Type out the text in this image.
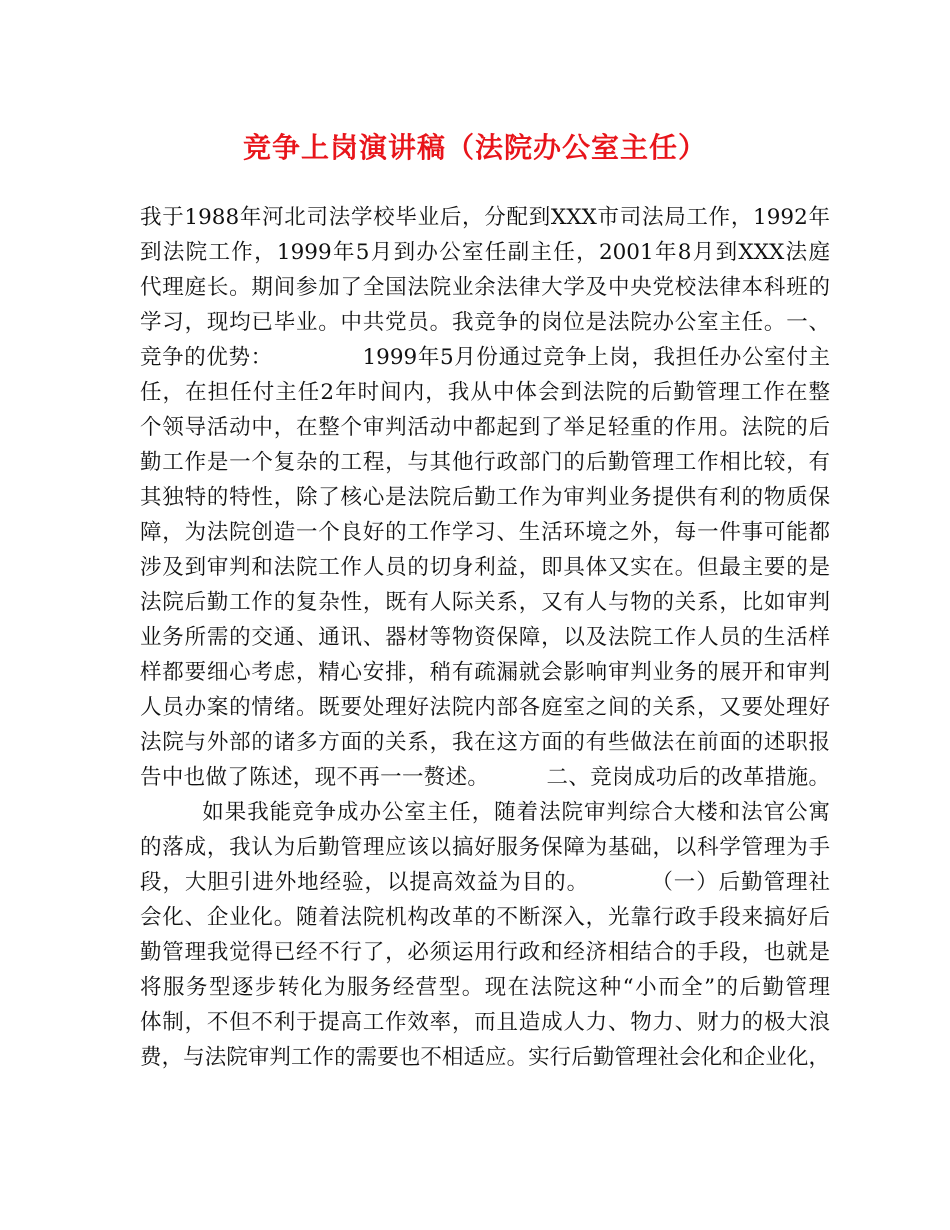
竞争上岗演讲稿（法院办公室主任）
我于1988年河北司法学校毕业后，分配到XXX市司法局工作，1992年
到法院工作，1999年5月到办公室任副主任，2001年8月到XXX法庭
代理庭长。期间参加了全国法院业余法律大学及中央党校法律本科班的
学习，现均已毕业。中共党员。我竞争的岗位是法院办公室主任。一、
竞争的优势：            1999年5月份通过竞争上岗，我担任办公室付主
任，在担任付主任2年时间内，我从中体会到法院的后勤管理工作在整
个领导活动中，在整个审判活动中都起到了举足轻重的作用。法院的后
勤工作是一个复杂的工程，与其他行政部门的后勤管理工作相比较，有
其独特的特性，除了核心是法院后勤工作为审判业务提供有利的物质保
障，为法院创造一个良好的工作学习、生活环境之外，每一件事可能都
涉及到审判和法院工作人员的切身利益，即具体又实在。但最主要的是
法院后勤工作的复杂性，既有人际关系，又有人与物的关系，比如审判
业务所需的交通、通讯、器材等物资保障，以及法院工作人员的生活样
样都要细心考虑，精心安排，稍有疏漏就会影响审判业务的展开和审判
人员办案的情绪。既要处理好法院内部各庭室之间的关系，又要处理好
法院与外部的诸多方面的关系，我在这方面的有些做法在前面的述职报
告中也做了陈述，现不再一一赘述。        二、竞岗成功后的改革措施。
如果我能竞争成办公室主任，随着法院审判综合大楼和法官公寓
的落成，我认为后勤管理应该以搞好服务保障为基础，以科学管理为手
段，大胆引进外地经验，以提高效益为目的。        （一）后勤管理社
会化、企业化。随着法院机构改革的不断深入，光靠行政手段来搞好后
勤管理我觉得已经不行了，必须运用行政和经济相结合的手段，也就是
将服务型逐步转化为服务经营型。现在法院这种“小而全”的后勤管理
体制，不但不利于提高工作效率，而且造成人力、物力、财力的极大浪
费，与法院审判工作的需要也不相适应。实行后勤管理社会化和企业化，
